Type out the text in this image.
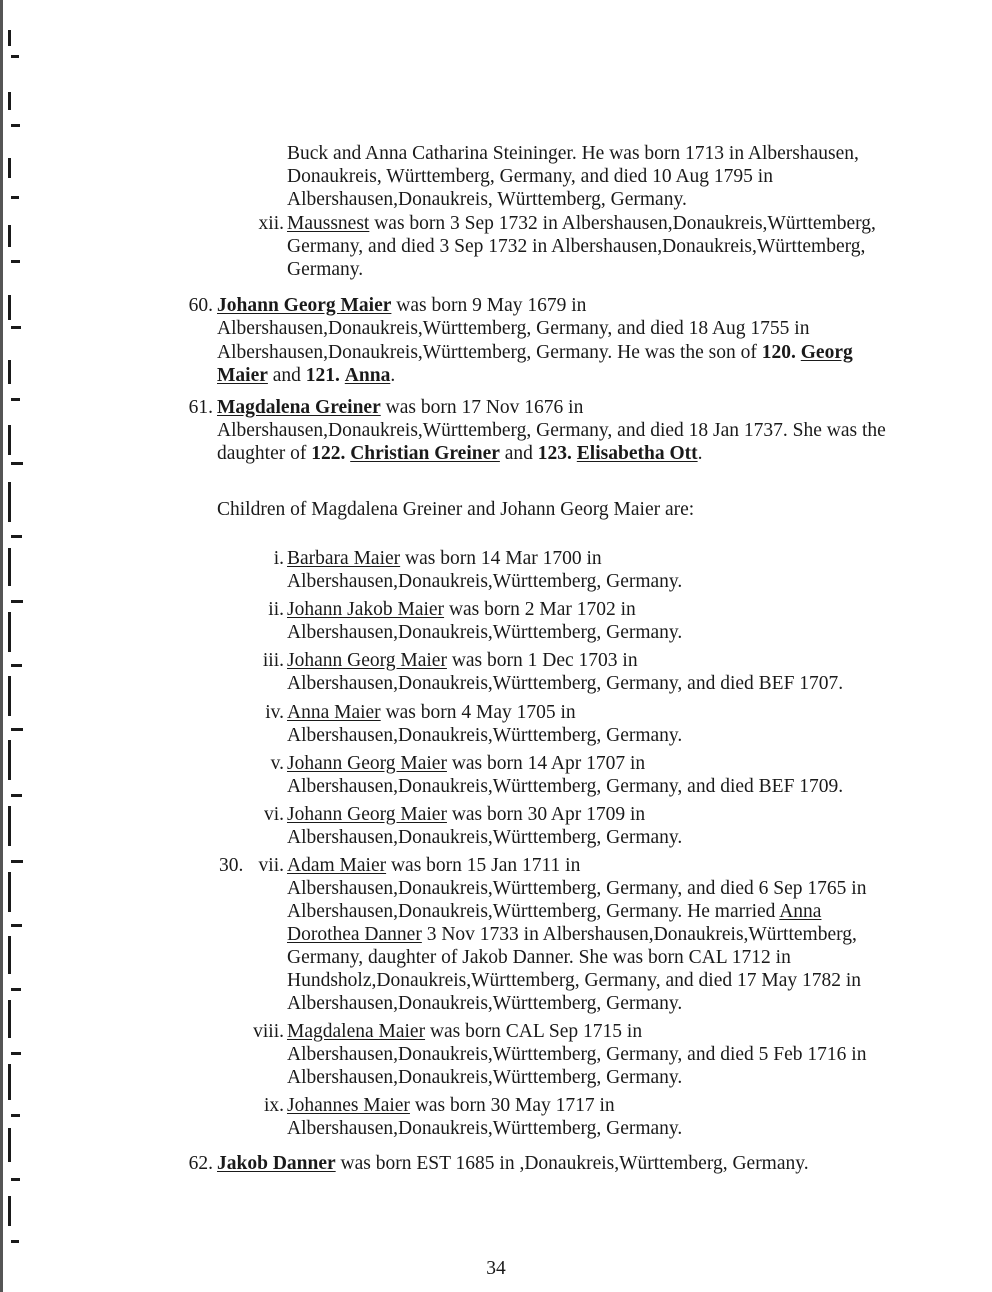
Buck and Anna Catharina Steininger. He was born 1713 in Albershausen,
Donaukreis, Württemberg, Germany, and died 10 Aug 1795 in
Albershausen,Donaukreis, Württemberg, Germany.
xii. Maussnest was born 3 Sep 1732 in Albershausen,Donaukreis,Württemberg,
Germany, and died 3 Sep 1732 in Albershausen,Donaukreis,Württemberg,
Germany.
60. Johann Georg Maier was born 9 May 1679 in
Albershausen,Donaukreis,Württemberg, Germany, and died 18 Aug 1755 in
Albershausen,Donaukreis,Württemberg, Germany. He was the son of 120. Georg
Maier and 121. Anna.
61. Magdalena Greiner was born 17 Nov 1676 in
Albershausen,Donaukreis,Württemberg, Germany, and died 18 Jan 1737. She was the
daughter of 122. Christian Greiner and 123. Elisabetha Ott.
Children of Magdalena Greiner and Johann Georg Maier are:
i. Barbara Maier was born 14 Mar 1700 in
Albershausen,Donaukreis,Württemberg, Germany.
ii. Johann Jakob Maier was born 2 Mar 1702 in
Albershausen,Donaukreis,Württemberg, Germany.
iii. Johann Georg Maier was born 1 Dec 1703 in
Albershausen,Donaukreis,Württemberg, Germany, and died BEF 1707.
iv. Anna Maier was born 4 May 1705 in
Albershausen,Donaukreis,Württemberg, Germany.
v. Johann Georg Maier was born 14 Apr 1707 in
Albershausen,Donaukreis,Württemberg, Germany, and died BEF 1709.
vi. Johann Georg Maier was born 30 Apr 1709 in
Albershausen,Donaukreis,Württemberg, Germany.
30. vii. Adam Maier was born 15 Jan 1711 in
Albershausen,Donaukreis,Württemberg, Germany, and died 6 Sep 1765 in
Albershausen,Donaukreis,Württemberg, Germany. He married Anna
Dorothea Danner 3 Nov 1733 in Albershausen,Donaukreis,Württemberg,
Germany, daughter of Jakob Danner. She was born CAL 1712 in
Hundsholz,Donaukreis,Württemberg, Germany, and died 17 May 1782 in
Albershausen,Donaukreis,Württemberg, Germany.
viii. Magdalena Maier was born CAL Sep 1715 in
Albershausen,Donaukreis,Württemberg, Germany, and died 5 Feb 1716 in
Albershausen,Donaukreis,Württemberg, Germany.
ix. Johannes Maier was born 30 May 1717 in
Albershausen,Donaukreis,Württemberg, Germany.
62. Jakob Danner was born EST 1685 in ,Donaukreis,Württemberg, Germany.
34
